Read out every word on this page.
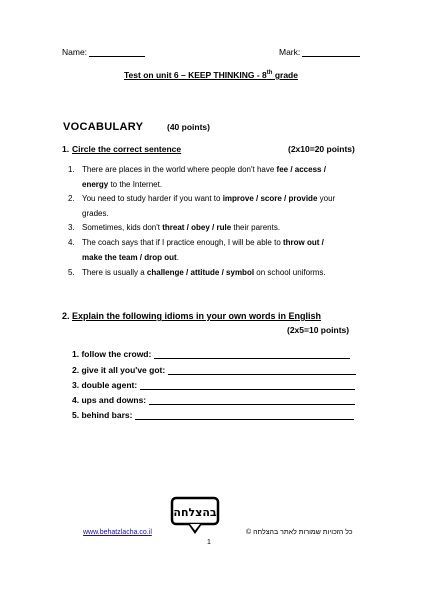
Name:	Mark:
Test on unit 6 – KEEP THINKING - 8th grade
VOCABULARY	(40 points)
1. Circle the correct sentence	(2x10=20 points)
1. There are places in the world where people don't have fee / access /
energy to the Internet.
2. You need to study harder if you want to improve / score / provide your
grades.
3. Sometimes, kids don't threat / obey / rule their parents.
4. The coach says that if I practice enough, I will be able to throw out /
make the team / drop out.
5. There is usually a challenge / attitude / symbol on school uniforms.
2. Explain the following idioms in your own words in English
(2x5=10 points)
1. follow the crowd:
2. give it all you've got:
3. double agent:
4. ups and downs:
5. behind bars:
בהצלחה
www.behatzlacha.co.il	כל הזכויות שמורות לאתר בהצלחה ©
1
